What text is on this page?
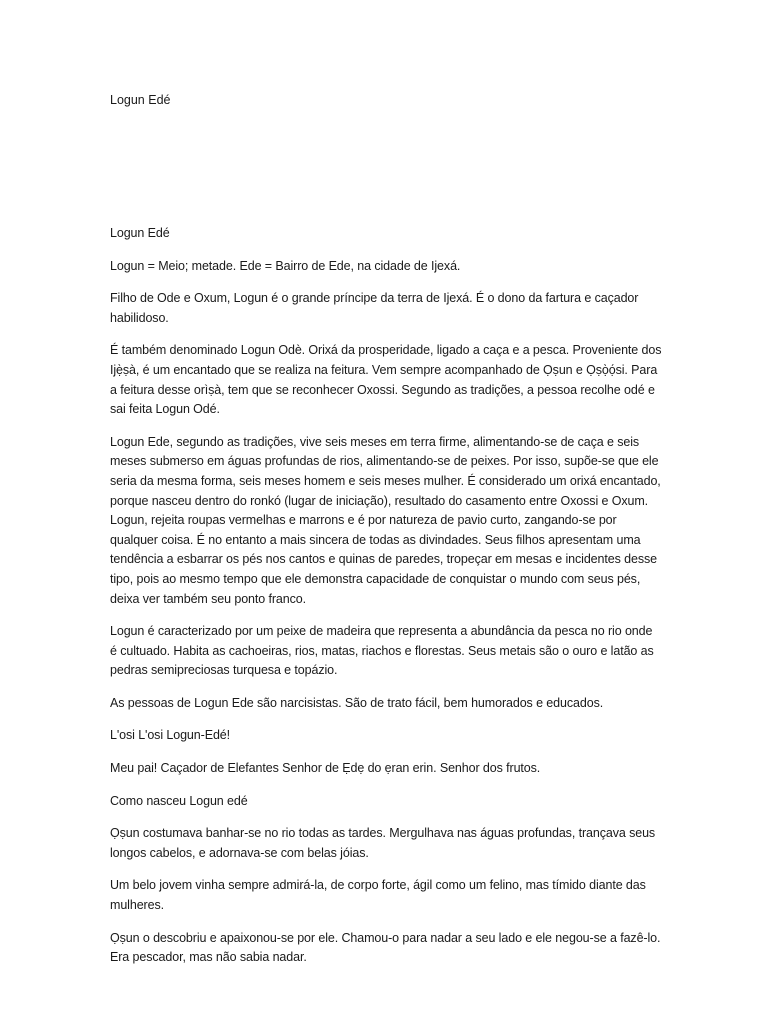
Logun Edé

Logun Edé

Logun = Meio; metade. Ede = Bairro de Ede, na cidade de Ijexá.

Filho de Ode e Oxum, Logun é o grande príncipe da terra de Ijexá. É o dono da fartura e caçador habilidoso.

É também denominado Logun Odè. Orixá da prosperidade, ligado a caça e a pesca. Proveniente dos Ijẹ̀ṣà, é um encantado que se realiza na feitura. Vem sempre acompanhado de Ọṣun e Ọṣọ̀ọ́si. Para a feitura desse orìṣà, tem que se reconhecer Oxossi. Segundo as tradições, a pessoa recolhe odé e sai feita Logun Odé.

Logun Ede, segundo as tradições, vive seis meses em terra firme, alimentando-se de caça e seis meses submerso em águas profundas de rios, alimentando-se de peixes. Por isso, supõe-se que ele seria da mesma forma, seis meses homem e seis meses mulher. É considerado um orixá encantado, porque nasceu dentro do ronkó (lugar de iniciação), resultado do casamento entre Oxossi e Oxum. Logun, rejeita roupas vermelhas e marrons e é por natureza de pavio curto, zangando-se por qualquer coisa. É no entanto a mais sincera de todas as divindades. Seus filhos apresentam uma tendência a esbarrar os pés nos cantos e quinas de paredes, tropeçar em mesas e incidentes desse tipo, pois ao mesmo tempo que ele demonstra capacidade de conquistar o mundo com seus pés, deixa ver também seu ponto franco.

Logun é caracterizado por um peixe de madeira que representa a abundância da pesca no rio onde é cultuado. Habita as cachoeiras, rios, matas, riachos e florestas. Seus metais são o ouro e latão as pedras semipreciosas turquesa e topázio.

As pessoas de Logun Ede são narcisistas. São de trato fácil, bem humorados e educados.

L'osi L'osi Logun-Edé!

Meu pai! Caçador de Elefantes Senhor de Ẹdẹ do ẹran erin. Senhor dos frutos.

Como nasceu Logun edé

Ọṣun costumava banhar-se no rio todas as tardes. Mergulhava nas águas profundas, trançava seus longos cabelos, e adornava-se com belas jóias.

Um belo jovem vinha sempre admirá-la, de corpo forte, ágil como um felino, mas tímido diante das mulheres.

Ọṣun o descobriu e apaixonou-se por ele. Chamou-o para nadar a seu lado e ele negou-se a fazê-lo. Era pescador, mas não sabia nadar.
